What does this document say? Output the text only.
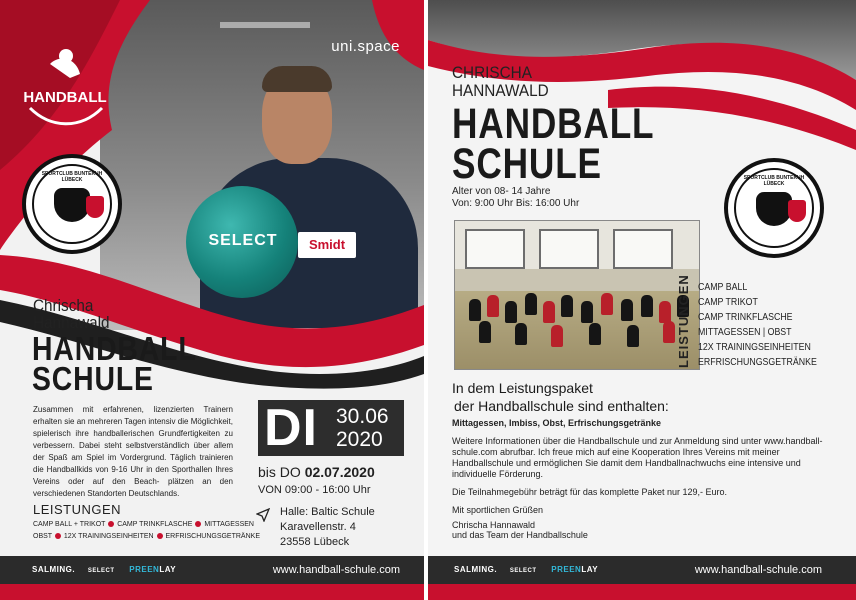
Smidt
SELECT
uni.space
HANDBALL
SPORTCLUB BUNTEKUH LÜBECK
Chrischa
Hannawald
HANDBALL
SCHULE
Zusammen mit erfahrenen, lizenzierten Trainern erhalten sie an mehreren Tagen intensiv die Möglichkeit, spielerisch ihre handballerischen Grundfertigkeiten zu verbessern. Dabei steht selbstverständlich über allem der Spaß am Spiel im Vordergrund. Täglich trainieren die Handballkids von 9-16 Uhr in den Sporthallen Ihres Vereins oder auf den Beach- plätzen an den verschiedenen Standorten Deutschlands.
LEISTUNGEN
CAMP BALL + TRIKOT CAMP TRINKFLASCHE MITTAGESSEN
OBST 12X TRAININGSEINHEITEN ERFRISCHUNGSGETRÄNKE
DI 30.06
2020
bis DO 02.07.2020
VON 09:00 - 16:00 Uhr
Halle: Baltic Schule
Karavellenstr. 4
23558 Lübeck
SALMING. SELECT PREENLAY	www.handball-schule.com
CHRISCHA
HANNAWALD
HANDBALL
SCHULE
Alter von 08- 14 Jahre
Von: 9:00 Uhr Bis: 16:00 Uhr
SPORTCLUB BUNTEKUH LÜBECK
LEISTUNGEN CAMP BALL
CAMP TRIKOT
CAMP TRINKFLASCHE
MITTAGESSEN | OBST
12X TRAININGSEINHEITEN
ERFRISCHUNGSGETRÄNKE
In dem Leistungspaket
der Handballschule sind enthalten:
Mittagessen, Imbiss, Obst, Erfrischungsgetränke
Weitere Informationen über die Handballschule und zur Anmeldung sind unter www.handball-schule.com abrufbar. Ich freue mich auf eine Kooperation Ihres Vereins mit meiner Handballschule und ermöglichen Sie damit dem Handballnachwuchs eine intensive und individuelle Förderung.
Die Teilnahmegebühr beträgt für das komplette Paket nur 129,- Euro.
Mit sportlichen Grüßen
Chrischa Hannawald
und das Team der Handballschule
SALMING. SELECT PREENLAY	www.handball-schule.com
